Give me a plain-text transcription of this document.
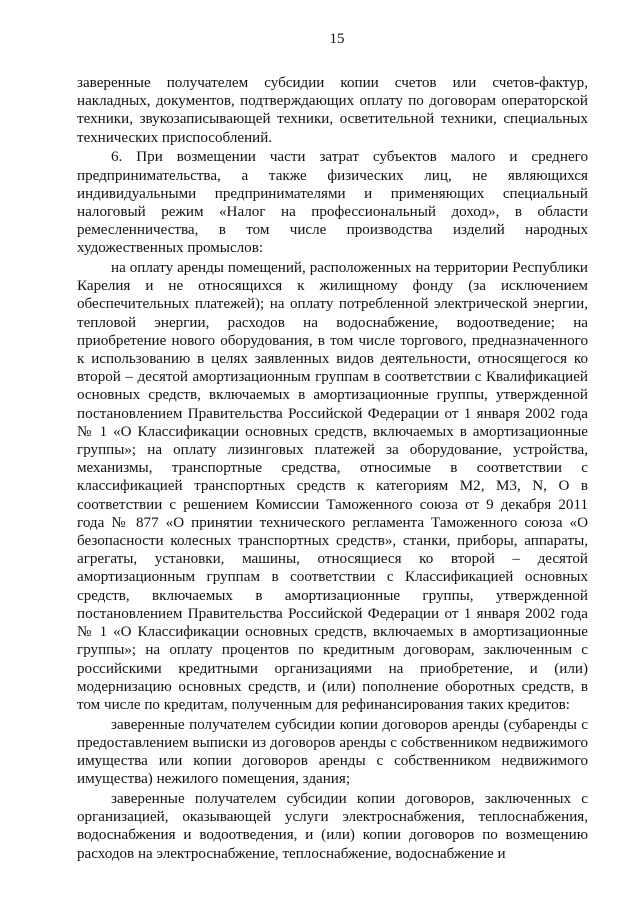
15

заверенные получателем субсидии копии счетов или счетов-фактур, накладных, документов, подтверждающих оплату по договорам операторской техники, звукозаписывающей техники, осветительной техники, специальных технических приспособлений.

6. При возмещении части затрат субъектов малого и среднего предпринимательства, а также физических лиц, не являющихся индивидуальными предпринимателями и применяющих специальный налоговый режим «Налог на профессиональный доход», в области ремесленничества, в том числе производства изделий народных художественных промыслов:

на оплату аренды помещений, расположенных на территории Республики Карелия и не относящихся к жилищному фонду (за исключением обеспечительных платежей); на оплату потребленной электрической энергии, тепловой энергии, расходов на водоснабжение, водоотведение; на приобретение нового оборудования, в том числе торгового, предназначенного к использованию в целях заявленных видов деятельности, относящегося ко второй – десятой амортизационным группам в соответствии с Квалификацией основных средств, включаемых в амортизационные группы, утвержденной постановлением Правительства Российской Федерации от 1 января 2002 года № 1 «О Классификации основных средств, включаемых в амортизационные группы»; на оплату лизинговых платежей за оборудование, устройства, механизмы, транспортные средства, относимые в соответствии с классификацией транспортных средств к категориям М2, М3, N, О в соответствии с решением Комиссии Таможенного союза от 9 декабря 2011 года № 877 «О принятии технического регламента Таможенного союза «О безопасности колесных транспортных средств», станки, приборы, аппараты, агрегаты, установки, машины, относящиеся ко второй – десятой амортизационным группам в соответствии с Классификацией основных средств, включаемых в амортизационные группы, утвержденной постановлением Правительства Российской Федерации от 1 января 2002 года № 1 «О Классификации основных средств, включаемых в амортизационные группы»; на оплату процентов по кредитным договорам, заключенным с российскими кредитными организациями на приобретение, и (или) модернизацию основных средств, и (или) пополнение оборотных средств, в том числе по кредитам, полученным для рефинансирования таких кредитов:

заверенные получателем субсидии копии договоров аренды (субаренды с предоставлением выписки из договоров аренды с собственником недвижимого имущества или копии договоров аренды с собственником недвижимого имущества) нежилого помещения, здания;

заверенные получателем субсидии копии договоров, заключенных с организацией, оказывающей услуги электроснабжения, теплоснабжения, водоснабжения и водоотведения, и (или) копии договоров по возмещению расходов на электроснабжение, теплоснабжение, водоснабжение и
